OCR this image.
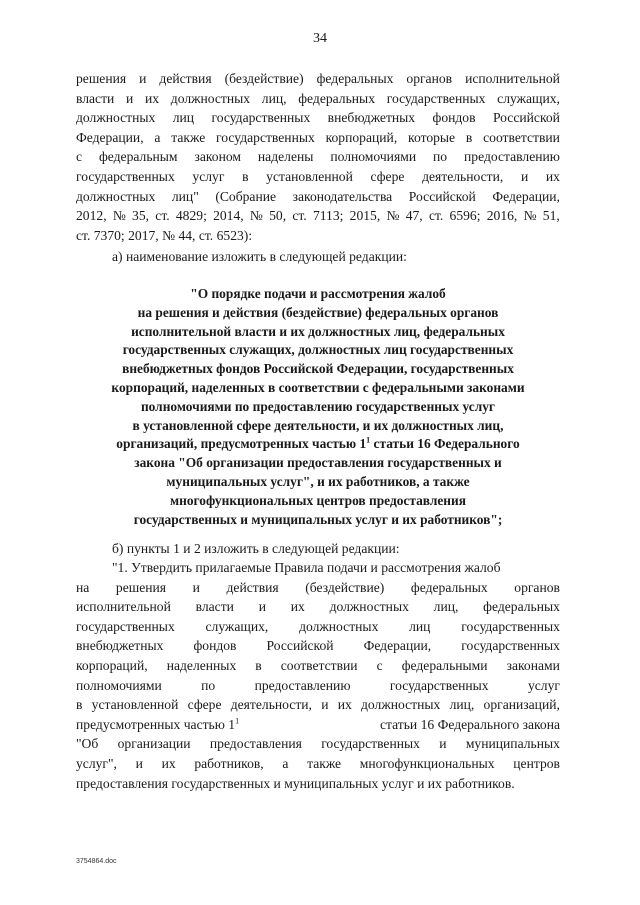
34
решения и действия (бездействие) федеральных органов исполнительной
власти и их должностных лиц, федеральных государственных служащих,
должностных лиц государственных внебюджетных фондов Российской
Федерации, а также государственных корпораций, которые в соответствии
с федеральным законом наделены полномочиями по предоставлению
государственных услуг в установленной сфере деятельности, и их
должностных лиц" (Собрание законодательства Российской Федерации,
2012, № 35, ст. 4829; 2014, № 50, ст. 7113; 2015, № 47, ст. 6596; 2016, № 51,
ст. 7370; 2017, № 44, ст. 6523):
а) наименование изложить в следующей редакции:
"О порядке подачи и рассмотрения жалоб
на решения и действия (бездействие) федеральных органов
исполнительной власти и их должностных лиц, федеральных
государственных служащих, должностных лиц государственных
внебюджетных фондов Российской Федерации, государственных
корпораций, наделенных в соответствии с федеральными законами
полномочиями по предоставлению государственных услуг
в установленной сфере деятельности, и их должностных лиц,
организаций, предусмотренных частью $1^1$ статьи 16 Федерального
закона "Об организации предоставления государственных и
муниципальных услуг", и их работников, а также
многофункциональных центров предоставления
государственных и муниципальных услуг и их работников";
б) пункты 1 и 2 изложить в следующей редакции:
"1. Утвердить прилагаемые Правила подачи и рассмотрения жалоб
на решения и действия (бездействие) федеральных органов
исполнительной власти и их должностных лиц, федеральных
государственных служащих, должностных лиц государственных
внебюджетных фондов Российской Федерации, государственных
корпораций, наделенных в соответствии с федеральными законами
полномочиями	по	предоставлению	государственных	услуг
в установленной сфере деятельности, и их должностных лиц, организаций,
предусмотренных частью $1^1$	статьи 16 Федерального закона
"Об организации предоставления государственных и муниципальных
услуг", и их работников, а также многофункциональных центров
предоставления государственных и муниципальных услуг и их работников.
3754864.doc
